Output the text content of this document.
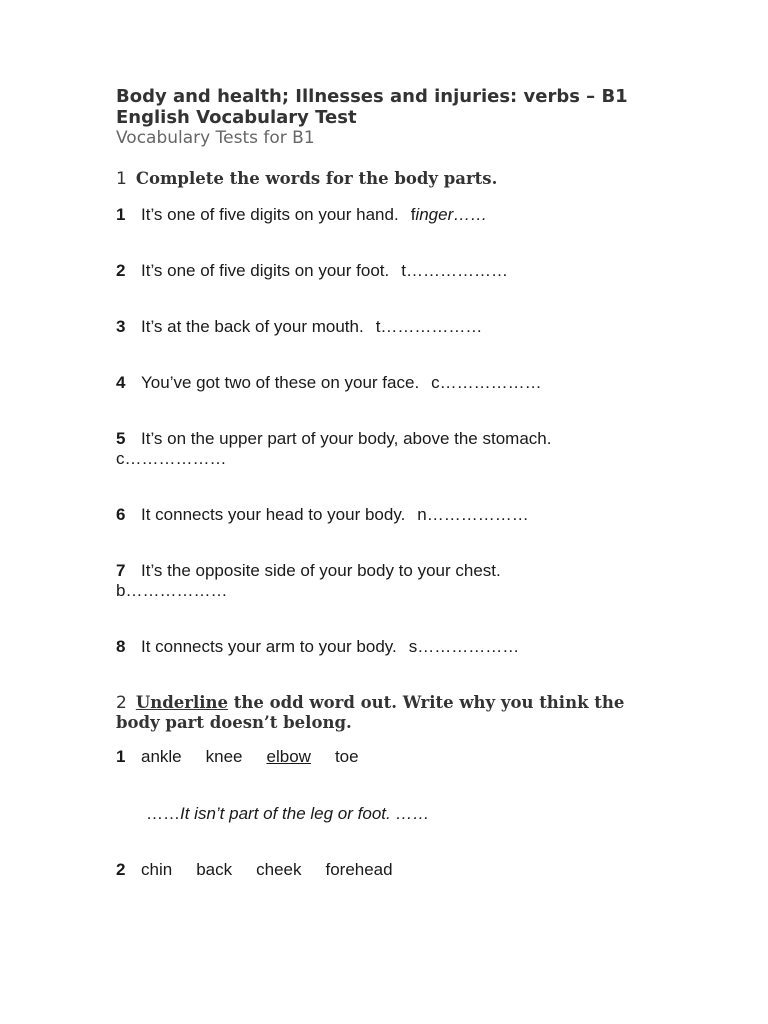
Body and health; Illnesses and injuries: verbs – B1 English Vocabulary Test

Vocabulary Tests for B1

1 Complete the words for the body parts.

1 It’s one of five digits on your hand. finger……

2 It’s one of five digits on your foot. t………………

3 It’s at the back of your mouth. t………………

4 You’ve got two of these on your face. c………………

5 It’s on the upper part of your body, above the stomach.
c………………

6 It connects your head to your body. n………………

7 It’s the opposite side of your body to your chest.
b………………

8 It connects your arm to your body. s………………

2 Underline the odd word out. Write why you think the body part doesn’t belong.

1 ankle knee elbow toe

……It isn’t part of the leg or foot. ……

2 chin back cheek forehead
